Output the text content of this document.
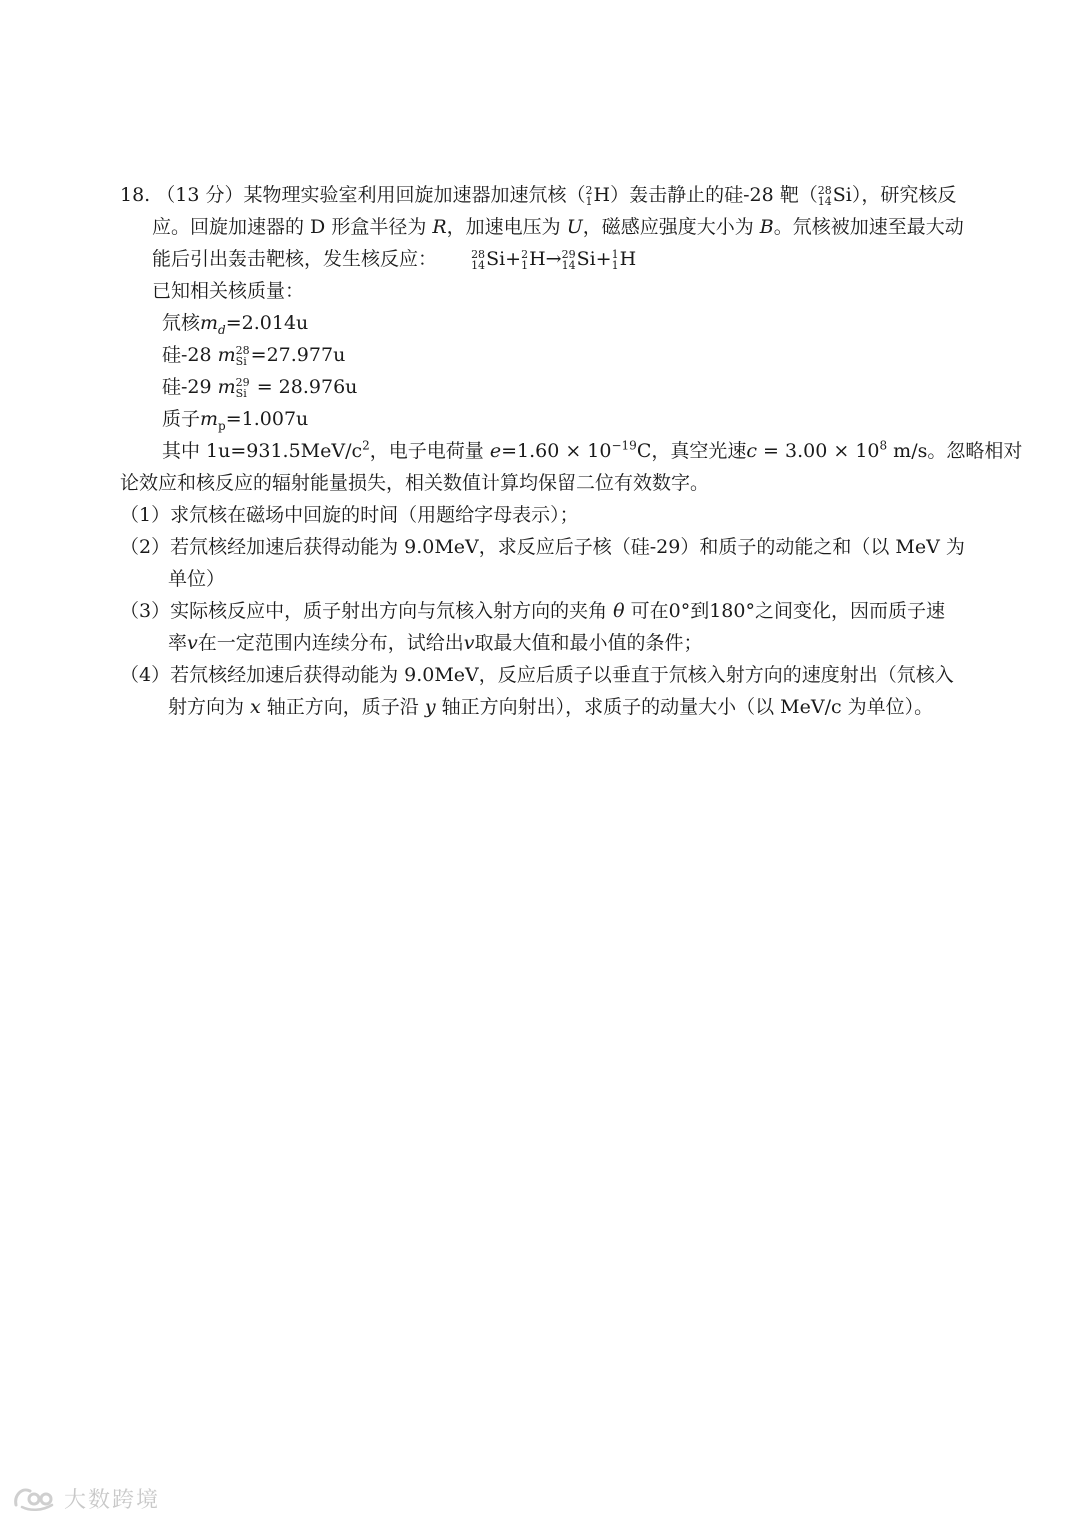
18. （13 分）某物理实验室利用回旋加速器加速氘核（ 2
1 H）轰击静止的硅-28 靶（ 28
14 Si），研究核反
应。回旋加速器的 D 形盒半径为 R，加速电压为 U，磁感应强度大小为 B。氘核被加速至最大动
能后引出轰击靶核，发生核反应：	28
14 Si+ 2
1 H→ 29
14 Si+ 1
1 H
已知相关核质量：
氘核$m_d=2.014u$
硅-28 m 28
Si =27.977u
硅-29 m 29
Si = 28.976u
质子$m_p=1.007u$
其中 $1u=931.5MeV/c^2$，电子电荷量 $e=1.60 \times 10^{-19}C$，真空光速$c = 3.00 \times 10^8$ m/s。忽略相对
论效应和核反应的辐射能量损失，相关数值计算均保留二位有效数字。
（1）求氘核在磁场中回旋的时间（用题给字母表示）；
（2）若氘核经加速后获得动能为 9.0MeV，求反应后子核（硅-29）和质子的动能之和（以 MeV 为
单位）
（3）实际核反应中，质子射出方向与氘核入射方向的夹角 θ 可在0°到180°之间变化，因而质子速
率v在一定范围内连续分布，试给出v取最大值和最小值的条件；
（4）若氘核经加速后获得动能为 9.0MeV，反应后质子以垂直于氘核入射方向的速度射出（氘核入
射方向为 x 轴正方向，质子沿 y 轴正方向射出），求质子的动量大小（以 MeV/c 为单位）。
大数跨境
